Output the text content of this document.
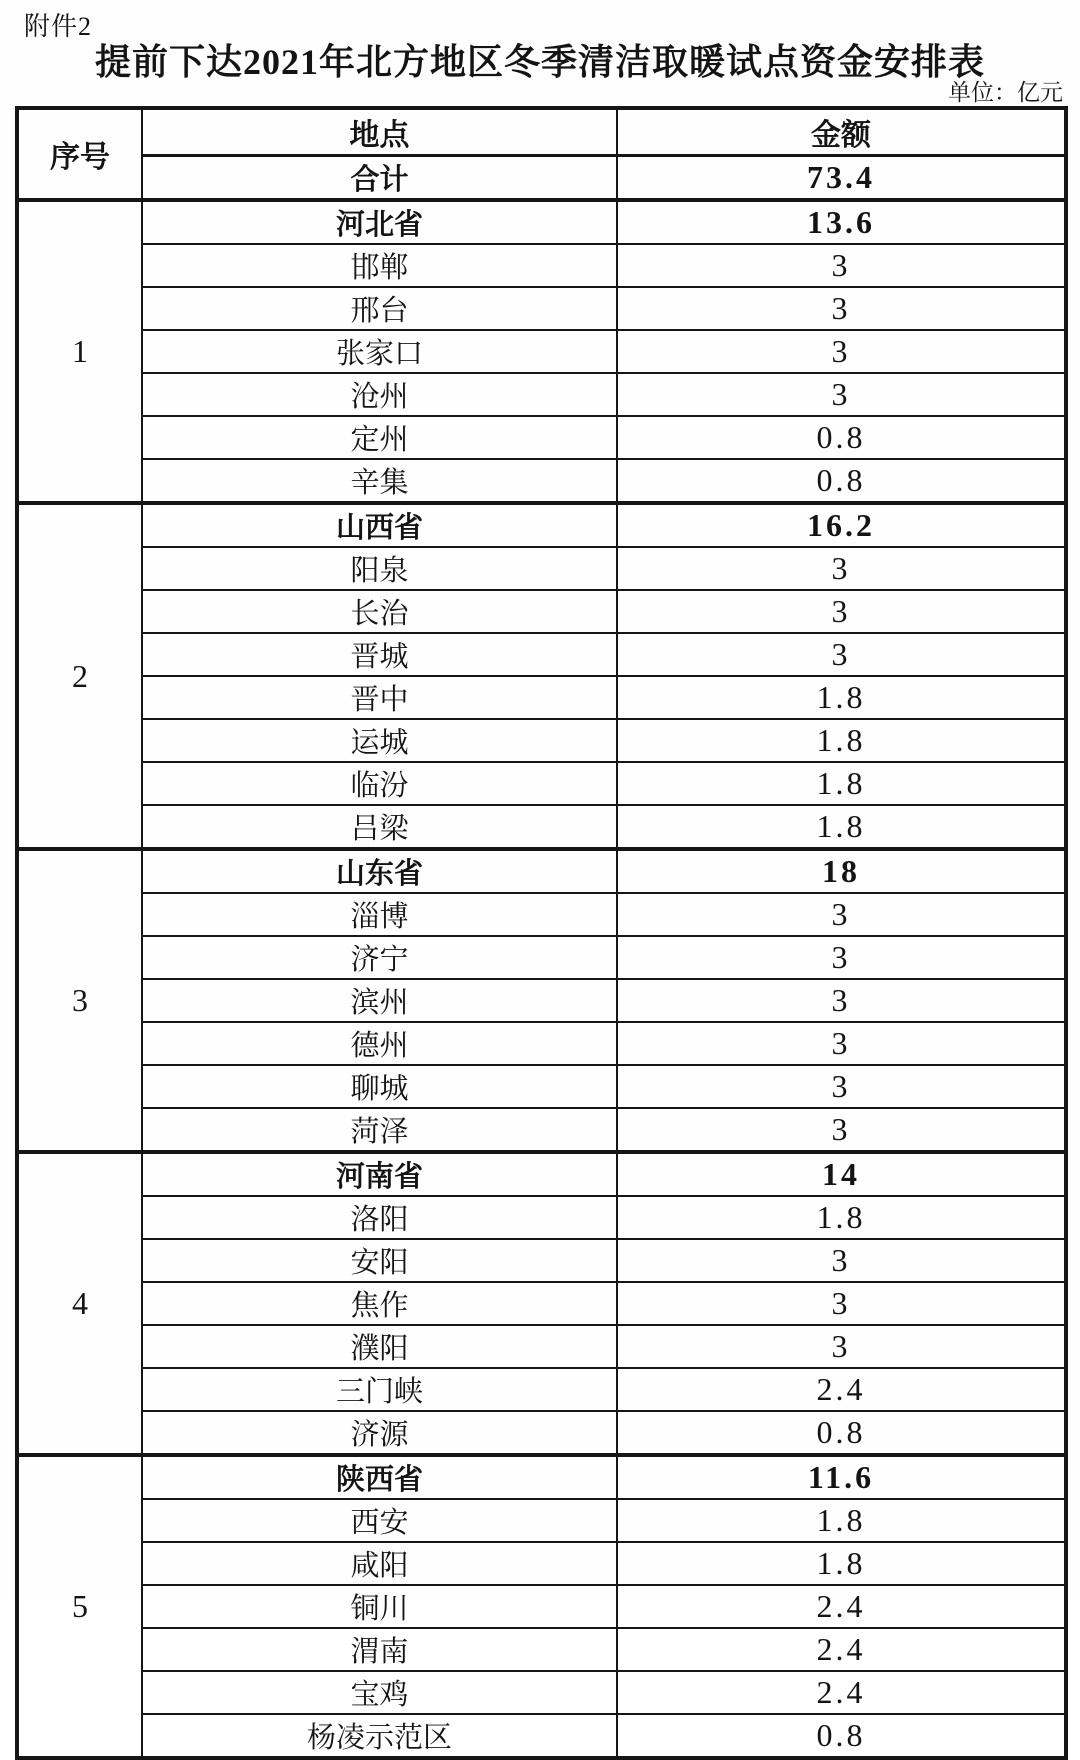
附件2
提前下达2021年北方地区冬季清洁取暖试点资金安排表
单位：亿元
序号	地点	金额
	合计	73.4
1	河北省	13.6
	邯郸	3
	邢台	3
	张家口	3
	沧州	3
	定州	0.8
	辛集	0.8
2	山西省	16.2
	阳泉	3
	长治	3
	晋城	3
	晋中	1.8
	运城	1.8
	临汾	1.8
	吕梁	1.8
3	山东省	18
	淄博	3
	济宁	3
	滨州	3
	德州	3
	聊城	3
	菏泽	3
4	河南省	14
	洛阳	1.8
	安阳	3
	焦作	3
	濮阳	3
	三门峡	2.4
	济源	0.8
5	陕西省	11.6
	西安	1.8
	咸阳	1.8
	铜川	2.4
	渭南	2.4
	宝鸡	2.4
	杨凌示范区	0.8
